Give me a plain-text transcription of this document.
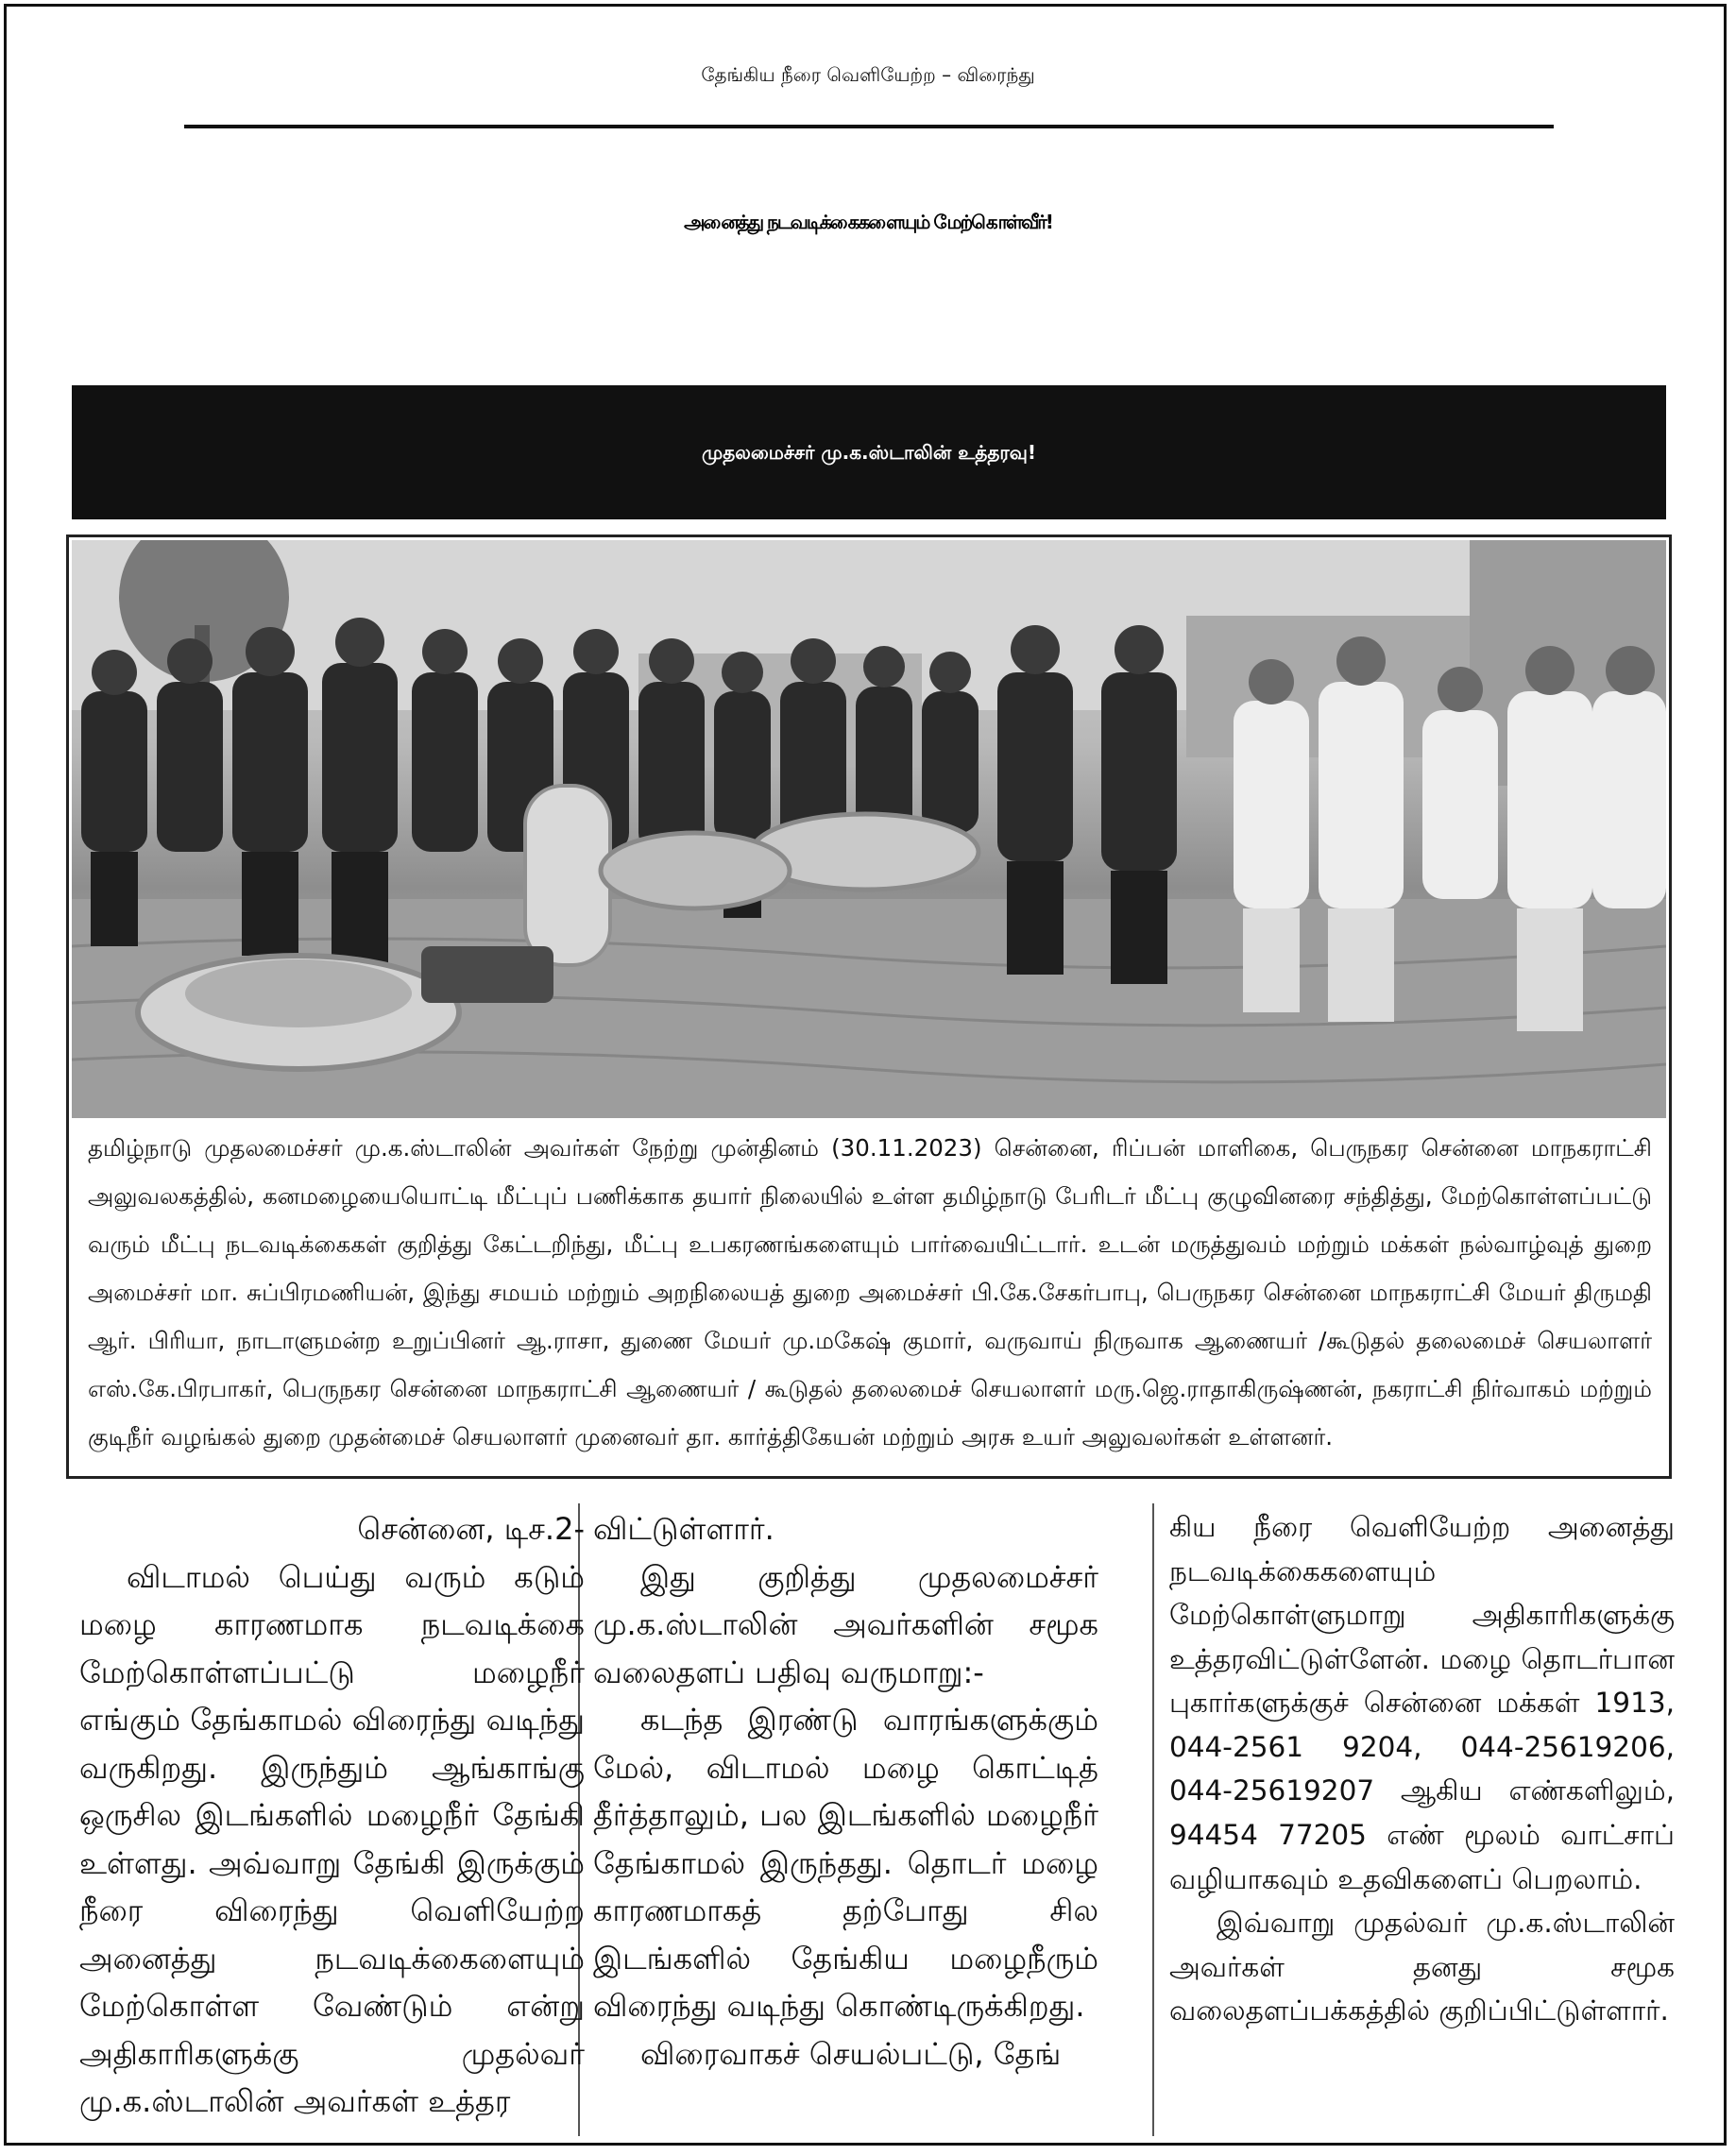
தேங்கிய நீரை வெளியேற்ற – விரைந்து
அனைத்து நடவடிக்கைகளையும் மேற்கொள்வீர்!
முதலமைச்சர் மு.க.ஸ்டாலின் உத்தரவு!
தமிழ்நாடு முதலமைச்சர் மு.க.ஸ்டாலின் அவர்கள் நேற்று முன்தினம் (30.11.2023) சென்னை, ரிப்பன் மாளிகை, பெருநகர சென்னை மாநகராட்சி அலுவலகத்தில், கனமழையையொட்டி மீட்புப் பணிக்காக தயார் நிலையில் உள்ள தமிழ்நாடு பேரிடர் மீட்பு குழுவினரை சந்தித்து, மேற்கொள்ளப்பட்டு வரும் மீட்பு நடவடிக்கைகள் குறித்து கேட்டறிந்து, மீட்பு உபகரணங்களையும் பார்வையிட்டார். உடன் மருத்துவம் மற்றும் மக்கள் நல்வாழ்வுத் துறை அமைச்சர் மா. சுப்பிரமணியன், இந்து சமயம் மற்றும் அறநிலையத் துறை அமைச்சர் பி.கே.சேகர்பாபு, பெருநகர சென்னை மாநகராட்சி மேயர் திருமதி ஆர். பிரியா, நாடாளுமன்ற உறுப்பினர் ஆ.ராசா, துணை மேயர் மு.மகேஷ் குமார், வருவாய் நிருவாக ஆணையர் /கூடுதல் தலைமைச் செயலாளர் எஸ்.கே.பிரபாகர், பெருநகர சென்னை மாநகராட்சி ஆணையர் / கூடுதல் தலைமைச் செயலாளர் மரு.ஜெ.ராதாகிருஷ்ணன், நகராட்சி நிர்வாகம் மற்றும் குடிநீர் வழங்கல் துறை முதன்மைச் செயலாளர் முனைவர் தா. கார்த்திகேயன் மற்றும் அரசு உயர் அலுவலர்கள் உள்ளனர்.

சென்னை, டிச.2-

விடாமல் பெய்து வரும் கடும் மழை காரணமாக நடவடிக்கை மேற்கொள்ளப்பட்டு மழைநீர் எங்கும் தேங்காமல் விரைந்து வடிந்து வருகிறது. இருந்தும் ஆங்காங்கு ஒருசில இடங்களில் மழைநீர் தேங்கி உள்ளது. அவ்வாறு தேங்கி இருக்கும் நீரை விரைந்து வெளியேற்ற அனைத்து நடவடிக்கைளையும் மேற்கொள்ள வேண்டும் என்று அதிகாரிகளுக்கு முதல்வர் மு.க.ஸ்டாலின் அவர்கள் உத்தர

விட்டுள்ளார்.

இது குறித்து முதலமைச்சர் மு.க.ஸ்டாலின் அவர்களின் சமூக வலைதளப் பதிவு வருமாறு:-

கடந்த இரண்டு வாரங்களுக்கும் மேல், விடாமல் மழை கொட்டித் தீர்த்தாலும், பல இடங்களில் மழைநீர் தேங்காமல் இருந்தது. தொடர் மழை காரணமாகத் தற்போது சில இடங்களில் தேங்கிய மழைநீரும் விரைந்து வடிந்து கொண்டிருக்கிறது.

விரைவாகச் செயல்பட்டு, தேங்

கிய நீரை வெளியேற்ற அனைத்து நடவடிக்கைகளையும் மேற்கொள்ளுமாறு அதிகாரிகளுக்கு உத்தரவிட்டுள்ளேன். மழை தொடர்பான புகார்களுக்குச் சென்னை மக்கள் 1913, 044-2561 9204, 044-25619206, 044-25619207 ஆகிய எண்களிலும், 94454 77205 எண் மூலம் வாட்சாப் வழியாகவும் உதவிகளைப் பெறலாம்.

இவ்வாறு முதல்வர் மு.க.ஸ்டாலின் அவர்கள் தனது சமூக வலைதளப்பக்கத்தில் குறிப்பிட்டுள்ளார்.
